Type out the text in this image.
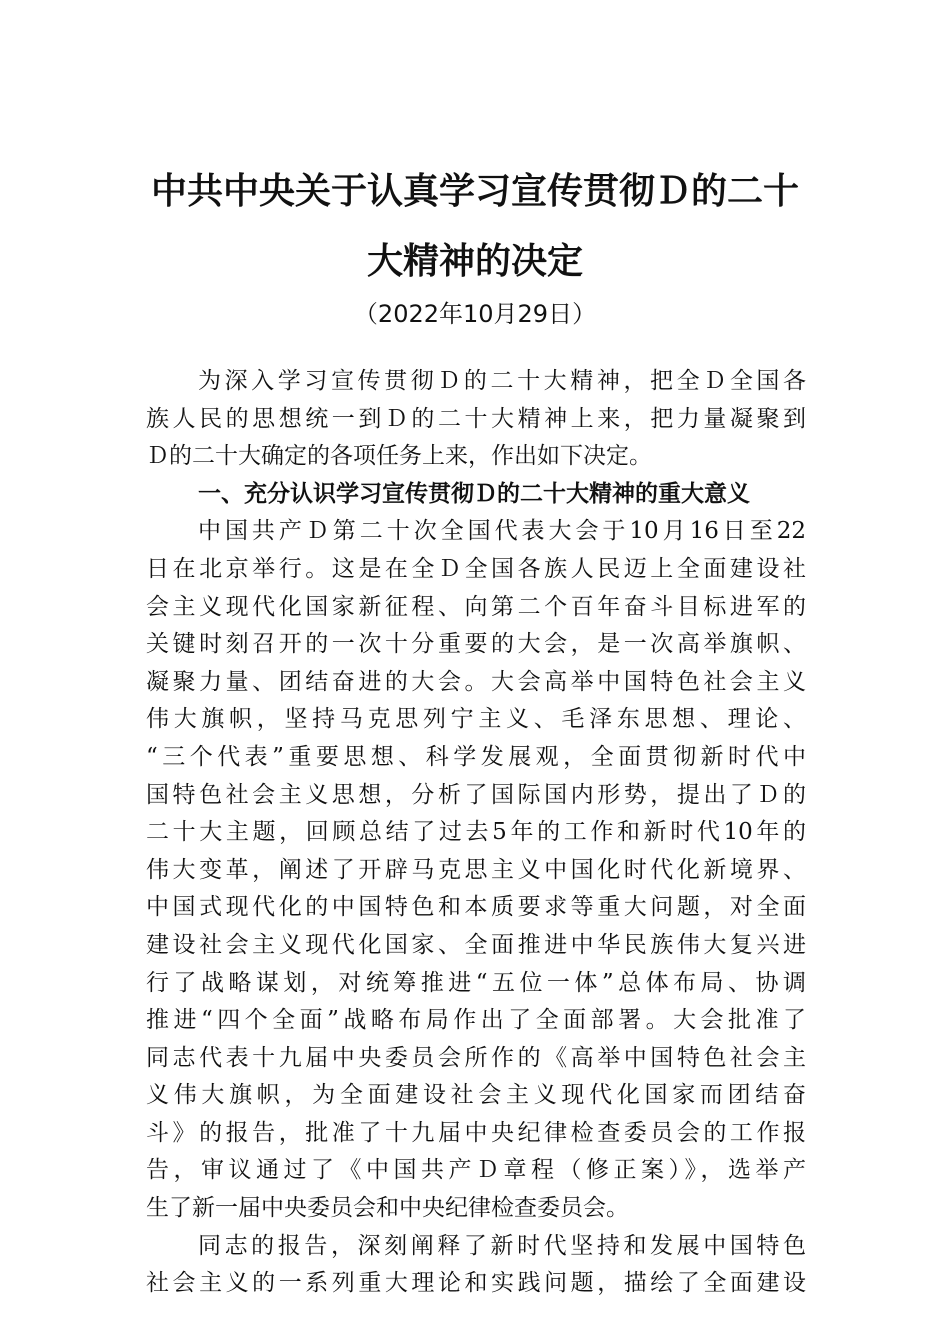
中共中央关于认真学习宣传贯彻Ｄ的二十
大精神的决定
（2022年10月29日）
为深入学习宣传贯彻Ｄ的二十大精神，把全Ｄ全国各
族人民的思想统一到Ｄ的二十大精神上来，把力量凝聚到
Ｄ的二十大确定的各项任务上来，作出如下决定。
一、充分认识学习宣传贯彻Ｄ的二十大精神的重大意义
中国共产Ｄ第二十次全国代表大会于10月16日至22
日在北京举行。这是在全Ｄ全国各族人民迈上全面建设社
会主义现代化国家新征程、向第二个百年奋斗目标进军的
关键时刻召开的一次十分重要的大会，是一次高举旗帜、
凝聚力量、团结奋进的大会。大会高举中国特色社会主义
伟大旗帜，坚持马克思列宁主义、毛泽东思想、理论、
“三个代表”重要思想、科学发展观，全面贯彻新时代中
国特色社会主义思想，分析了国际国内形势，提出了Ｄ的
二十大主题，回顾总结了过去5年的工作和新时代10年的
伟大变革，阐述了开辟马克思主义中国化时代化新境界、
中国式现代化的中国特色和本质要求等重大问题，对全面
建设社会主义现代化国家、全面推进中华民族伟大复兴进
行了战略谋划，对统筹推进“五位一体”总体布局、协调
推进“四个全面”战略布局作出了全面部署。大会批准了
同志代表十九届中央委员会所作的《高举中国特色社会主
义伟大旗帜，为全面建设社会主义现代化国家而团结奋
斗》的报告，批准了十九届中央纪律检查委员会的工作报
告，审议通过了《中国共产Ｄ章程（修正案）》，选举产
生了新一届中央委员会和中央纪律检查委员会。
同志的报告，深刻阐释了新时代坚持和发展中国特色
社会主义的一系列重大理论和实践问题，描绘了全面建设
